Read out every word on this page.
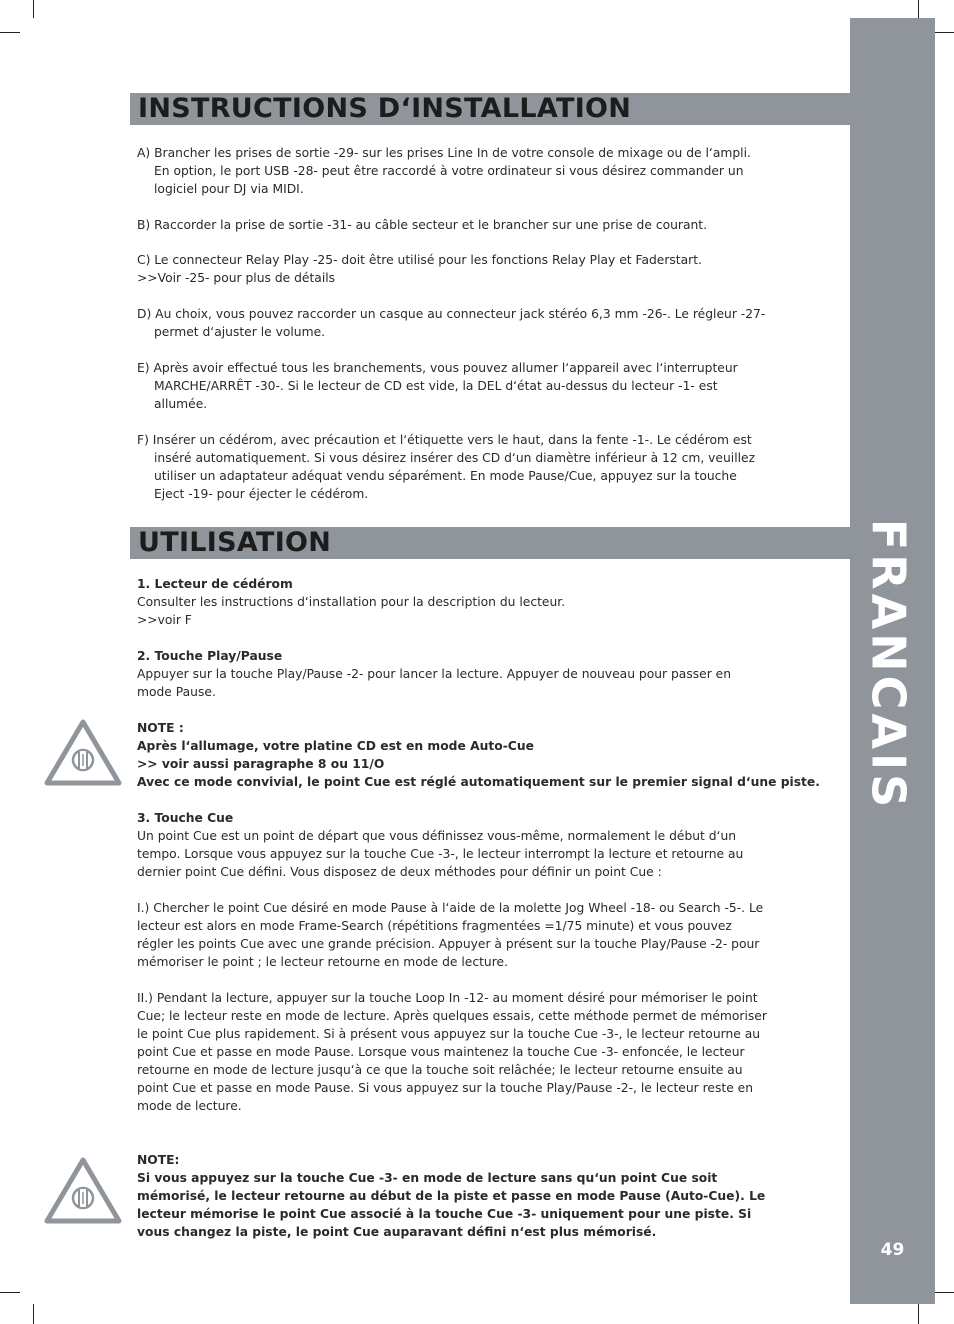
FRANCAIS
49
INSTRUCTIONS D‘INSTALLATION

A) Brancher les prises de sortie -29- sur les prises Line In de votre console de mixage ou de l‘ampli. En option, le port USB -28- peut être raccordé à votre ordinateur si vous désirez commander un logiciel pour DJ via MIDI.

B) Raccorder la prise de sortie -31- au câble secteur et le brancher sur une prise de courant.

C) Le connecteur Relay Play -25- doit être utilisé pour les fonctions Relay Play et Faderstart.

>>Voir -25- pour plus de détails

D) Au choix, vous pouvez raccorder un casque au connecteur jack stéréo 6,3 mm -26-. Le régleur -27- permet d‘ajuster le volume.

E) Après avoir effectué tous les branchements, vous pouvez allumer l‘appareil avec l‘interrupteur MARCHE/ARRÊT -30-. Si le lecteur de CD est vide, la DEL d‘état au-dessus du lecteur -1- est allumée.

F) Insérer un cédérom, avec précaution et l‘étiquette vers le haut, dans la fente -1-. Le cédérom est inséré automatiquement. Si vous désirez insérer des CD d‘un diamètre inférieur à 12 cm, veuillez utiliser un adaptateur adéquat vendu séparément. En mode Pause/Cue, appuyez sur la touche Eject -19- pour éjecter le cédérom.

UTILISATION

1. Lecteur de cédérom

Consulter les instructions d‘installation pour la description du lecteur.

>>voir F

2. Touche Play/Pause

Appuyer sur la touche Play/Pause -2- pour lancer la lecture. Appuyer de nouveau pour passer en mode Pause.

NOTE :

Après l‘allumage, votre platine CD est en mode Auto-Cue

>> voir aussi paragraphe 8 ou 11/O

Avec ce mode convivial, le point Cue est réglé automatiquement sur le premier signal d‘une piste.

3. Touche Cue

Un point Cue est un point de départ que vous définissez vous-même, normalement le début d‘un tempo. Lorsque vous appuyez sur la touche Cue -3-, le lecteur interrompt la lecture et retourne au dernier point Cue défini. Vous disposez de deux méthodes pour définir un point Cue :

I.) Chercher le point Cue désiré en mode Pause à l‘aide de la molette Jog Wheel -18- ou Search -5-. Le lecteur est alors en mode Frame-Search (répétitions fragmentées =1/75 minute) et vous pouvez régler les points Cue avec une grande précision. Appuyer à présent sur la touche Play/Pause -2- pour mémoriser le point ; le lecteur retourne en mode de lecture.

II.) Pendant la lecture, appuyer sur la touche Loop In -12- au moment désiré pour mémoriser le point Cue; le lecteur reste en mode de lecture. Après quelques essais, cette méthode permet de mémoriser le point Cue plus rapidement. Si à présent vous appuyez sur la touche Cue -3-, le lecteur retourne au point Cue et passe en mode Pause. Lorsque vous maintenez la touche Cue -3- enfoncée, le lecteur retourne en mode de lecture jusqu‘à ce que la touche soit relâchée; le lecteur retourne ensuite au point Cue et passe en mode Pause. Si vous appuyez sur la touche Play/Pause -2-, le lecteur reste en mode de lecture.

NOTE:

Si vous appuyez sur la touche Cue -3- en mode de lecture sans qu‘un point Cue soit mémorisé, le lecteur retourne au début de la piste et passe en mode Pause (Auto-Cue). Le lecteur mémorise le point Cue associé à la touche Cue -3- uniquement pour une piste. Si vous changez la piste, le point Cue auparavant défini n‘est plus mémorisé.
